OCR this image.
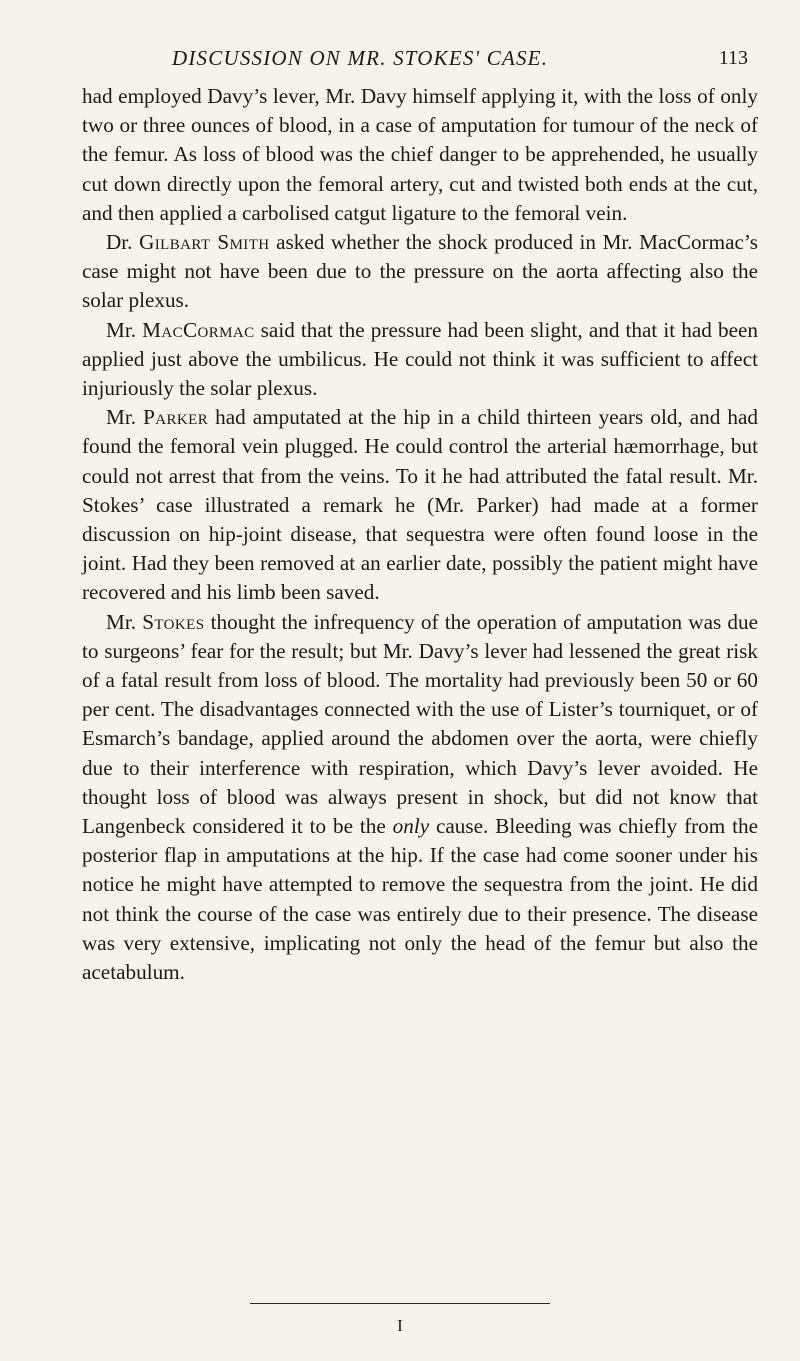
DISCUSSION ON MR. STOKES' CASE.	113

had employed Davy’s lever, Mr. Davy himself applying it, with the loss of only two or three ounces of blood, in a case of amputation for tumour of the neck of the femur. As loss of blood was the chief danger to be apprehended, he usually cut down directly upon the femoral artery, cut and twisted both ends at the cut, and then applied a carbolised catgut ligature to the femoral vein.

Dr. Gilbart Smith asked whether the shock produced in Mr. MacCormac’s case might not have been due to the pressure on the aorta affecting also the solar plexus.

Mr. MacCormac said that the pressure had been slight, and that it had been applied just above the umbilicus. He could not think it was sufficient to affect injuriously the solar plexus.

Mr. Parker had amputated at the hip in a child thirteen years old, and had found the femoral vein plugged. He could control the arterial hæmorrhage, but could not arrest that from the veins. To it he had attributed the fatal result. Mr. Stokes’ case illustrated a remark he (Mr. Parker) had made at a former discussion on hip-joint disease, that sequestra were often found loose in the joint. Had they been removed at an earlier date, possibly the patient might have recovered and his limb been saved.

Mr. Stokes thought the infrequency of the operation of amputation was due to surgeons’ fear for the result; but Mr. Davy’s lever had lessened the great risk of a fatal result from loss of blood. The mortality had previously been 50 or 60 per cent. The disadvantages connected with the use of Lister’s tourniquet, or of Esmarch’s bandage, applied around the abdomen over the aorta, were chiefly due to their interference with respiration, which Davy’s lever avoided. He thought loss of blood was always present in shock, but did not know that Langenbeck considered it to be the only cause. Bleeding was chiefly from the posterior flap in amputations at the hip. If the case had come sooner under his notice he might have attempted to remove the sequestra from the joint. He did not think the course of the case was entirely due to their presence. The disease was very extensive, implicating not only the head of the femur but also the acetabulum.

I
